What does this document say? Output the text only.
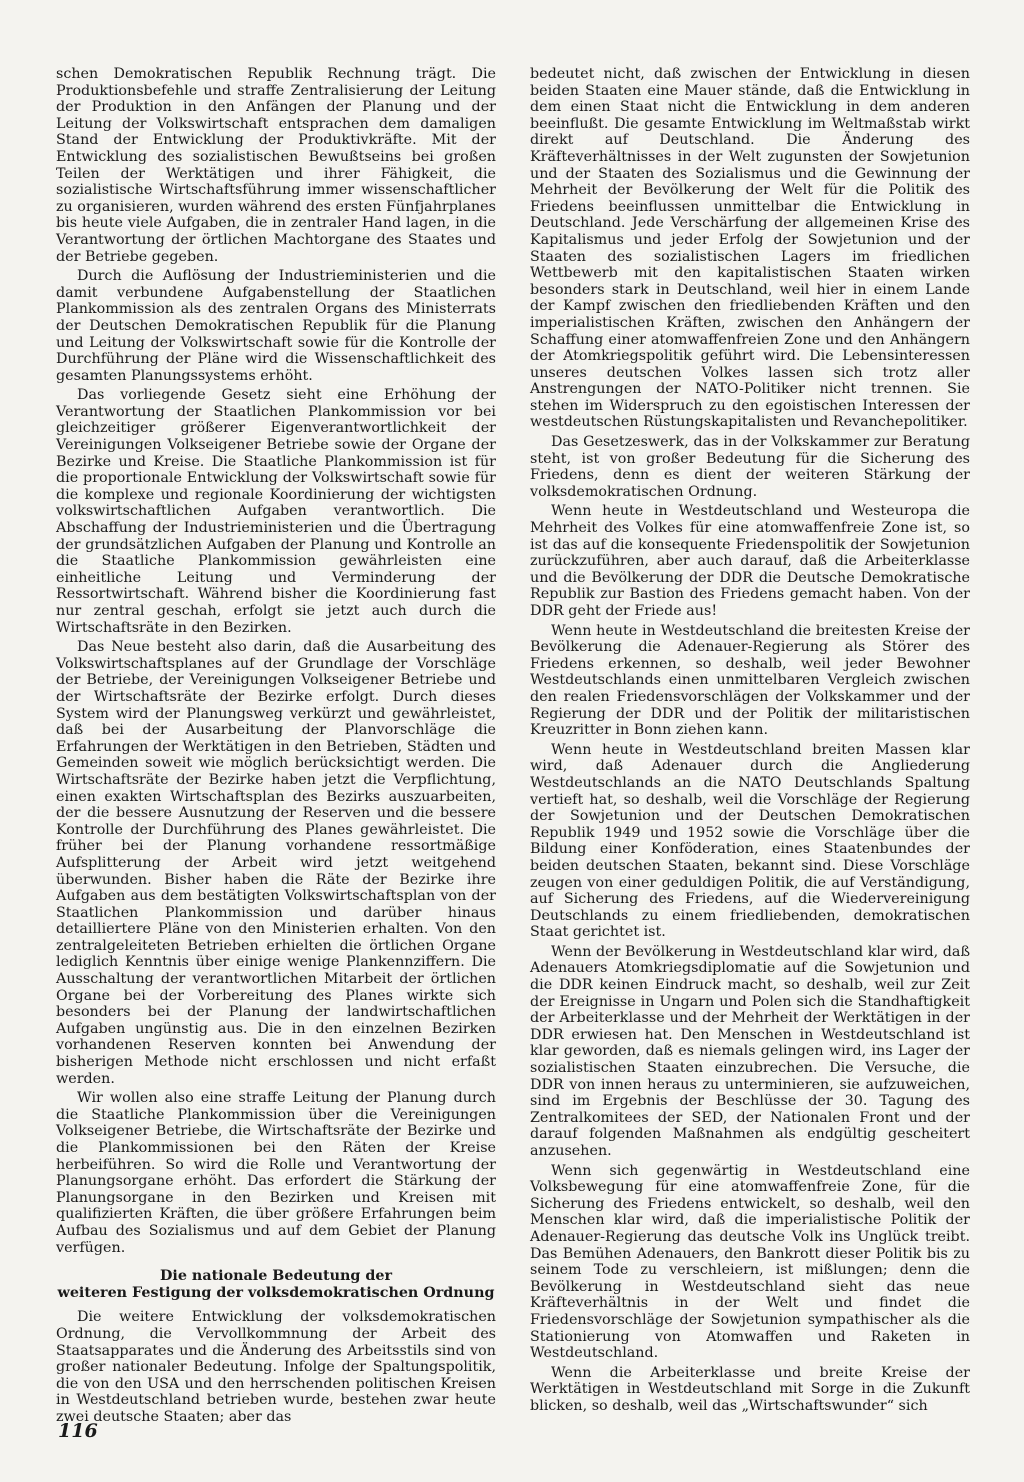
schen Demokratischen Republik Rechnung trägt. Die Produktionsbefehle und straffe Zentralisierung der Leitung der Produktion in den Anfängen der Planung und der Leitung der Volkswirtschaft entsprachen dem damaligen Stand der Entwicklung der Produktivkräfte. Mit der Entwicklung des sozialistischen Bewußtseins bei großen Teilen der Werktätigen und ihrer Fähigkeit, die sozialistische Wirtschaftsführung immer wissenschaftlicher zu organisieren, wurden während des ersten Fünfjahrplanes bis heute viele Aufgaben, die in zentraler Hand lagen, in die Verantwortung der örtlichen Machtorgane des Staates und der Betriebe gegeben.

Durch die Auflösung der Industrieministerien und die damit verbundene Aufgabenstellung der Staatlichen Plankommission als des zentralen Organs des Ministerrats der Deutschen Demokratischen Republik für die Planung und Leitung der Volkswirtschaft sowie für die Kontrolle der Durchführung der Pläne wird die Wissenschaftlichkeit des gesamten Planungssystems erhöht.

Das vorliegende Gesetz sieht eine Erhöhung der Verantwortung der Staatlichen Plankommission vor bei gleichzeitiger größerer Eigenverantwortlichkeit der Vereinigungen Volkseigener Betriebe sowie der Organe der Bezirke und Kreise. Die Staatliche Plankommission ist für die proportionale Entwicklung der Volkswirtschaft sowie für die komplexe und regionale Koordinierung der wichtigsten volkswirtschaftlichen Aufgaben verantwortlich. Die Abschaffung der Industrieministerien und die Übertragung der grundsätzlichen Aufgaben der Planung und Kontrolle an die Staatliche Plankommission gewährleisten eine einheitliche Leitung und Verminderung der Ressortwirtschaft. Während bisher die Koordinierung fast nur zentral geschah, erfolgt sie jetzt auch durch die Wirtschaftsräte in den Bezirken.

Das Neue besteht also darin, daß die Ausarbeitung des Volkswirtschaftsplanes auf der Grundlage der Vorschläge der Betriebe, der Vereinigungen Volkseigener Betriebe und der Wirtschaftsräte der Bezirke erfolgt. Durch dieses System wird der Planungsweg verkürzt und gewährleistet, daß bei der Ausarbeitung der Planvorschläge die Erfahrungen der Werktätigen in den Betrieben, Städten und Gemeinden soweit wie möglich berücksichtigt werden. Die Wirtschaftsräte der Bezirke haben jetzt die Verpflichtung, einen exakten Wirtschaftsplan des Bezirks auszuarbeiten, der die bessere Ausnutzung der Reserven und die bessere Kontrolle der Durchführung des Planes gewährleistet. Die früher bei der Planung vorhandene ressortmäßige Aufsplitterung der Arbeit wird jetzt weitgehend überwunden. Bisher haben die Räte der Bezirke ihre Aufgaben aus dem bestätigten Volkswirtschaftsplan von der Staatlichen Plankommission und darüber hinaus detailliertere Pläne von den Ministerien erhalten. Von den zentralgeleiteten Betrieben erhielten die örtlichen Organe lediglich Kenntnis über einige wenige Plankennziffern. Die Ausschaltung der verantwortlichen Mitarbeit der örtlichen Organe bei der Vorbereitung des Planes wirkte sich besonders bei der Planung der landwirtschaftlichen Aufgaben ungünstig aus. Die in den einzelnen Bezirken vorhandenen Reserven konnten bei Anwendung der bisherigen Methode nicht erschlossen und nicht erfaßt werden.

Wir wollen also eine straffe Leitung der Planung durch die Staatliche Plankommission über die Vereinigungen Volkseigener Betriebe, die Wirtschaftsräte der Bezirke und die Plankommissionen bei den Räten der Kreise herbeiführen. So wird die Rolle und Verantwortung der Planungsorgane erhöht. Das erfordert die Stärkung der Planungsorgane in den Bezirken und Kreisen mit qualifizierten Kräften, die über größere Erfahrungen beim Aufbau des Sozialismus und auf dem Gebiet der Planung verfügen.

Die nationale Bedeutung der
weiteren Festigung der volksdemokratischen Ordnung

Die weitere Entwicklung der volksdemokratischen Ordnung, die Vervollkommnung der Arbeit des Staatsapparates und die Änderung des Arbeitsstils sind von großer nationaler Bedeutung. Infolge der Spaltungspolitik, die von den USA und den herrschenden politischen Kreisen in Westdeutschland betrieben wurde, bestehen zwar heute zwei deutsche Staaten; aber das

bedeutet nicht, daß zwischen der Entwicklung in diesen beiden Staaten eine Mauer stände, daß die Entwicklung in dem einen Staat nicht die Entwicklung in dem anderen beeinflußt. Die gesamte Entwicklung im Weltmaßstab wirkt direkt auf Deutschland. Die Änderung des Kräfteverhältnisses in der Welt zugunsten der Sowjetunion und der Staaten des Sozialismus und die Gewinnung der Mehrheit der Bevölkerung der Welt für die Politik des Friedens beeinflussen unmittelbar die Entwicklung in Deutschland. Jede Verschärfung der allgemeinen Krise des Kapitalismus und jeder Erfolg der Sowjetunion und der Staaten des sozialistischen Lagers im friedlichen Wettbewerb mit den kapitalistischen Staaten wirken besonders stark in Deutschland, weil hier in einem Lande der Kampf zwischen den friedliebenden Kräften und den imperialistischen Kräften, zwischen den Anhängern der Schaffung einer atomwaffenfreien Zone und den Anhängern der Atomkriegspolitik geführt wird. Die Lebensinteressen unseres deutschen Volkes lassen sich trotz aller Anstrengungen der NATO-Politiker nicht trennen. Sie stehen im Widerspruch zu den egoistischen Interessen der westdeutschen Rüstungskapitalisten und Revanchepolitiker.

Das Gesetzeswerk, das in der Volkskammer zur Beratung steht, ist von großer Bedeutung für die Sicherung des Friedens, denn es dient der weiteren Stärkung der volksdemokratischen Ordnung.

Wenn heute in Westdeutschland und Westeuropa die Mehrheit des Volkes für eine atomwaffenfreie Zone ist, so ist das auf die konsequente Friedenspolitik der Sowjetunion zurückzuführen, aber auch darauf, daß die Arbeiterklasse und die Bevölkerung der DDR die Deutsche Demokratische Republik zur Bastion des Friedens gemacht haben. Von der DDR geht der Friede aus!

Wenn heute in Westdeutschland die breitesten Kreise der Bevölkerung die Adenauer-Regierung als Störer des Friedens erkennen, so deshalb, weil jeder Bewohner Westdeutschlands einen unmittelbaren Vergleich zwischen den realen Friedensvorschlägen der Volkskammer und der Regierung der DDR und der Politik der militaristischen Kreuzritter in Bonn ziehen kann.

Wenn heute in Westdeutschland breiten Massen klar wird, daß Adenauer durch die Angliederung Westdeutschlands an die NATO Deutschlands Spaltung vertieft hat, so deshalb, weil die Vorschläge der Regierung der Sowjetunion und der Deutschen Demokratischen Republik 1949 und 1952 sowie die Vorschläge über die Bildung einer Konföderation, eines Staatenbundes der beiden deutschen Staaten, bekannt sind. Diese Vorschläge zeugen von einer geduldigen Politik, die auf Verständigung, auf Sicherung des Friedens, auf die Wiedervereinigung Deutschlands zu einem friedliebenden, demokratischen Staat gerichtet ist.

Wenn der Bevölkerung in Westdeutschland klar wird, daß Adenauers Atomkriegsdiplomatie auf die Sowjetunion und die DDR keinen Eindruck macht, so deshalb, weil zur Zeit der Ereignisse in Ungarn und Polen sich die Standhaftigkeit der Arbeiterklasse und der Mehrheit der Werktätigen in der DDR erwiesen hat. Den Menschen in Westdeutschland ist klar geworden, daß es niemals gelingen wird, ins Lager der sozialistischen Staaten einzubrechen. Die Versuche, die DDR von innen heraus zu unterminieren, sie aufzuweichen, sind im Ergebnis der Beschlüsse der 30. Tagung des Zentralkomitees der SED, der Nationalen Front und der darauf folgenden Maßnahmen als endgültig gescheitert anzusehen.

Wenn sich gegenwärtig in Westdeutschland eine Volksbewegung für eine atomwaffenfreie Zone, für die Sicherung des Friedens entwickelt, so deshalb, weil den Menschen klar wird, daß die imperialistische Politik der Adenauer-Regierung das deutsche Volk ins Unglück treibt. Das Bemühen Adenauers, den Bankrott dieser Politik bis zu seinem Tode zu verschleiern, ist mißlungen; denn die Bevölkerung in Westdeutschland sieht das neue Kräfteverhältnis in der Welt und findet die Friedensvorschläge der Sowjetunion sympathischer als die Stationierung von Atomwaffen und Raketen in Westdeutschland.

Wenn die Arbeiterklasse und breite Kreise der Werktätigen in Westdeutschland mit Sorge in die Zukunft blicken, so deshalb, weil das „Wirtschaftswunder“ sich

116
